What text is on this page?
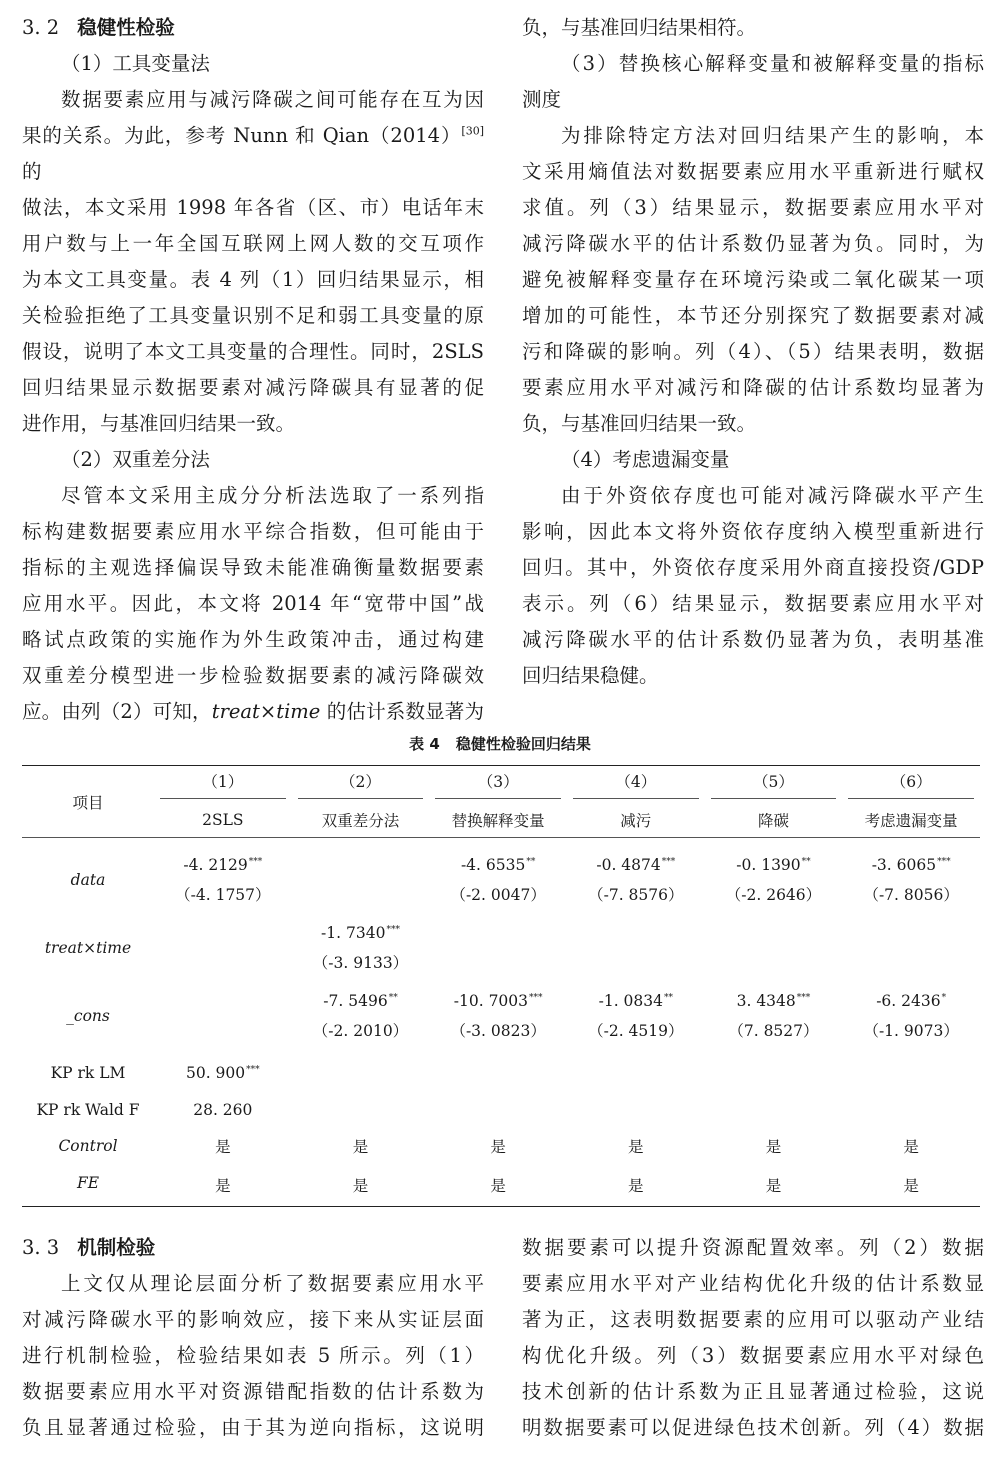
3. 2 稳健性检验

（1）工具变量法

数据要素应用与减污降碳之间可能存在互为因

果的关系。为此，参考 Nunn 和 Qian（2014）[30]的

做法，本文采用 1998 年各省（区、市）电话年末

用户数与上一年全国互联网上网人数的交互项作

为本文工具变量。表 4 列（1）回归结果显示，相

关检验拒绝了工具变量识别不足和弱工具变量的原

假设，说明了本文工具变量的合理性。同时，2SLS

回归结果显示数据要素对减污降碳具有显著的促

进作用，与基准回归结果一致。

（2）双重差分法

尽管本文采用主成分分析法选取了一系列指

标构建数据要素应用水平综合指数，但可能由于

指标的主观选择偏误导致未能准确衡量数据要素

应用水平。因此，本文将 2014 年“宽带中国”战

略试点政策的实施作为外生政策冲击，通过构建

双重差分模型进一步检验数据要素的减污降碳效

应。由列（2）可知，treat×time 的估计系数显著为

负，与基准回归结果相符。

（3）替换核心解释变量和被解释变量的指标

测度

为排除特定方法对回归结果产生的影响，本

文采用熵值法对数据要素应用水平重新进行赋权

求值。列（3）结果显示，数据要素应用水平对

减污降碳水平的估计系数仍显著为负。同时，为

避免被解释变量存在环境污染或二氧化碳某一项

增加的可能性，本节还分别探究了数据要素对减

污和降碳的影响。列（4）、（5）结果表明，数据

要素应用水平对减污和降碳的估计系数均显著为

负，与基准回归结果一致。

（4）考虑遗漏变量

由于外资依存度也可能对减污降碳水平产生

影响，因此本文将外资依存度纳入模型重新进行

回归。其中，外资依存度采用外商直接投资/GDP

表示。列（6）结果显示，数据要素应用水平对

减污降碳水平的估计系数仍显著为负，表明基准

回归结果稳健。

表 4 稳健性检验回归结果
项目	（1）	（2）	（3）	（4）	（5）	（6）

	2SLS	双重差分法	替换解释变量	减污	降碳	考虑遗漏变量
data	-4. 2129***		-4. 6535**	-0. 4874***	-0. 1390**	-3. 6065***
	（-4. 1757）		（-2. 0047）	（-7. 8576）	（-2. 2646）	（-7. 8056）

treat×time		-1. 7340***				
		（-3. 9133）				

_cons		-7. 5496**	-10. 7003***	-1. 0834**	3. 4348***	-6. 2436*
		（-2. 2010）	（-3. 0823）	（-2. 4519）	（7. 8527）	（-1. 9073）
KP rk LM	50. 900***					
KP rk Wald F	28. 260					
Control	是	是	是	是	是	是
FE	是	是	是	是	是	是

3. 3 机制检验

上文仅从理论层面分析了数据要素应用水平

对减污降碳水平的影响效应，接下来从实证层面

进行机制检验，检验结果如表 5 所示。列（1）

数据要素应用水平对资源错配指数的估计系数为

负且显著通过检验，由于其为逆向指标，这说明

数据要素可以提升资源配置效率。列（2）数据

要素应用水平对产业结构优化升级的估计系数显

著为正，这表明数据要素的应用可以驱动产业结

构优化升级。列（3）数据要素应用水平对绿色

技术创新的估计系数为正且显著通过检验，这说

明数据要素可以促进绿色技术创新。列（4）数据
